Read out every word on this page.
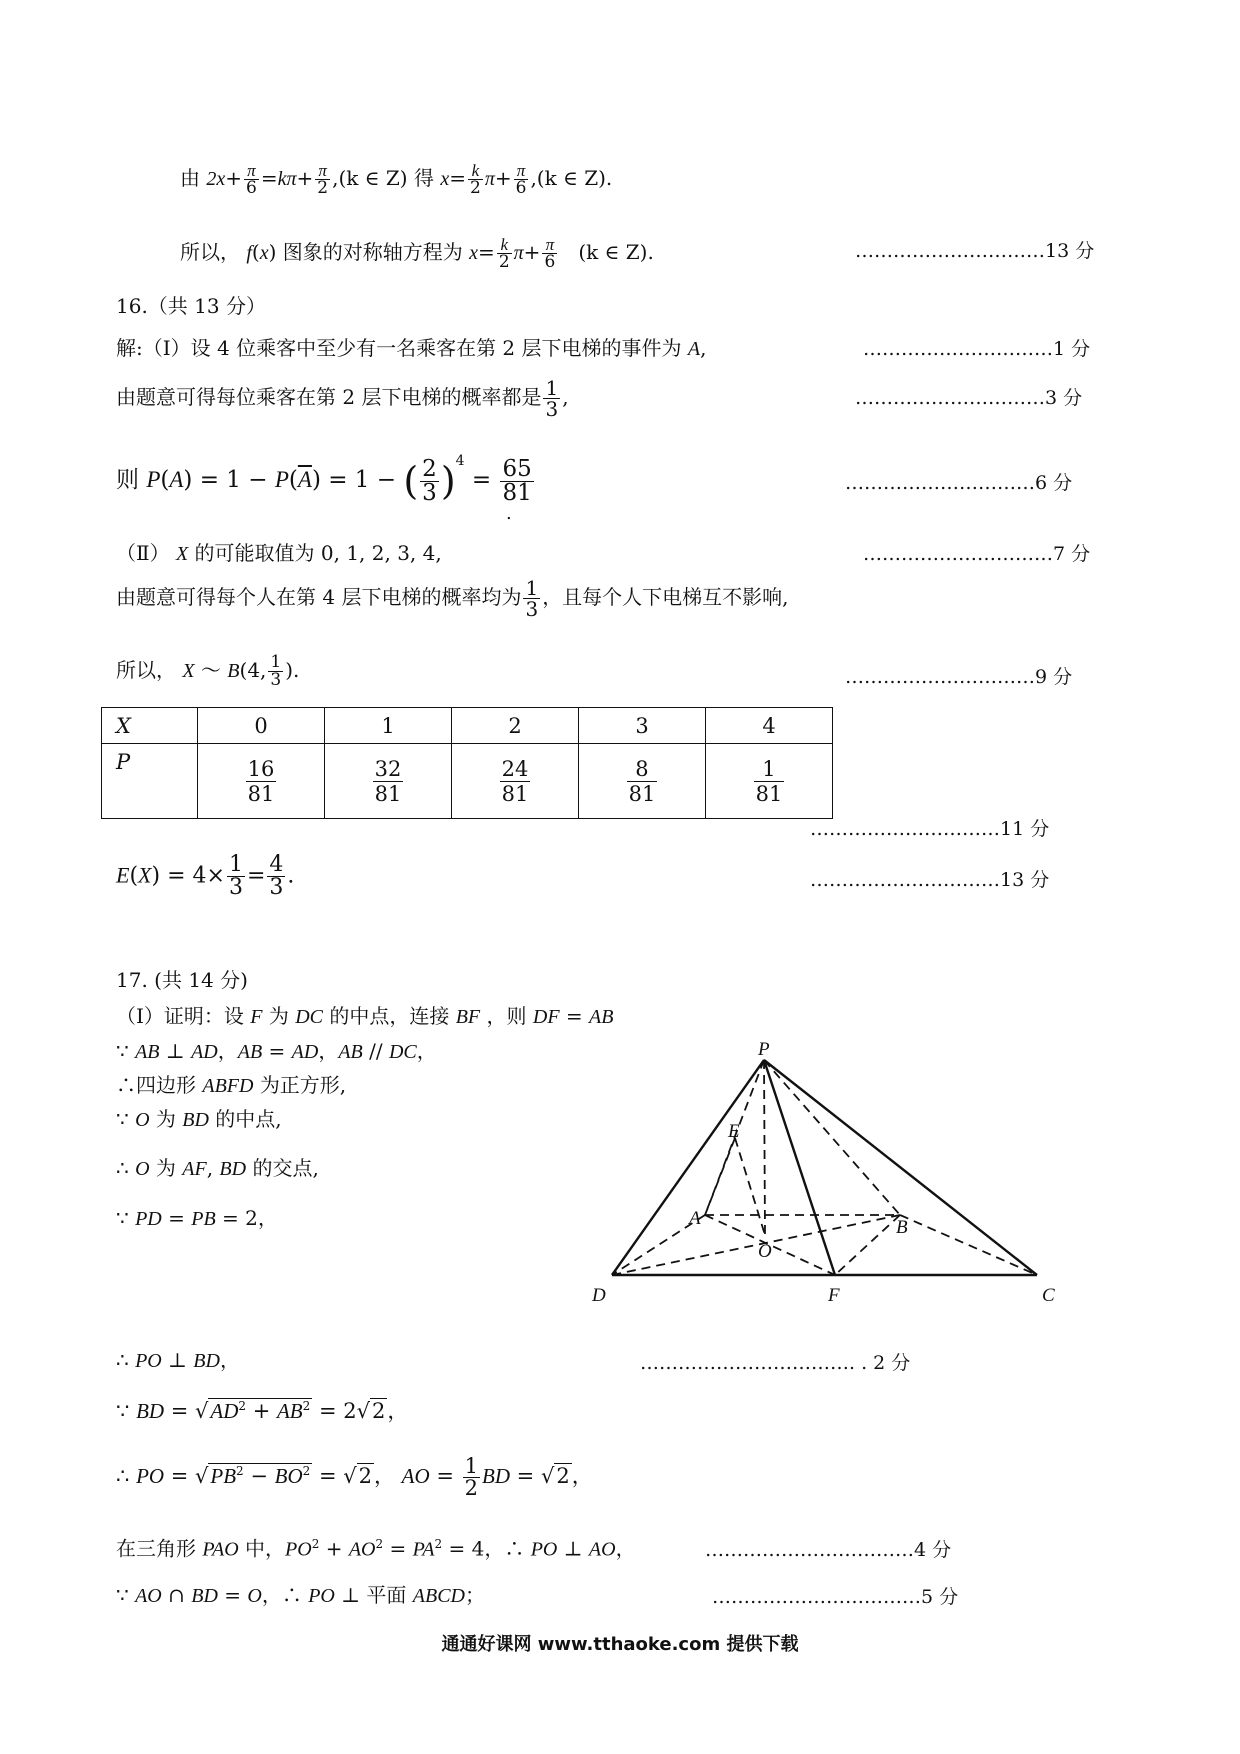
由 $2x+ \frac{\pi}{6} =k\pi+ \frac{\pi}{2} ,(k$ ∈ Z) 得 $x= \frac{k}{2} \pi+ \frac{\pi}{6} ,(k$ ∈ Z).
所以， f(x) 图象的对称轴方程为 $x= \frac{k}{2} \pi+ \frac{\pi}{6} (k$ ∈ Z).	…………………………13 分
16.（共 13 分）
解:（Ⅰ）设 4 位乘客中至少有一名乘客在第 2 层下电梯的事件为 A,	…………………………1 分
由题意可得每位乘客在第 2 层下电梯的概率都是 $\frac{1}{3}$ ,	…………………………3 分
则 $P(A) = 1 - P(\overline{A}) = 1$ − ( $\frac{2}{3} )^4 = \frac{65}{81}$	…………………………6 分
.
（Ⅱ） X 的可能取值为 0, 1, 2, 3, 4,	…………………………7 分
由题意可得每个人在第 4 层下电梯的概率均为 $\frac{1}{3}$ ，且每个人下电梯互不影响,
所以， X ～ B(4, $\frac{1}{3}$ ).	…………………………9 分
X	0	1	2	3	4
P	$\frac{16}{81}$	$\frac{32}{81}$	$\frac{24}{81}$	$\frac{8}{81}$	$\frac{1}{81}$
…………………………11 分
$E(X) = 4\times \frac{1}{3} = \frac{4}{3}$ .	…………………………13 分
17. (共 14 分)
（Ⅰ）证明：设 F 为 DC 的中点，连接 BF ，则 DF = AB
∵ AB ⊥ AD，AB = AD，AB // DC，
∴四边形 ABFD 为正方形,
∵ O 为 BD 的中点,
∴ O 为 AF, BD 的交点,
∵ PD = PB = 2，
P
E
A	B
O
D	F	C
∴ PO ⊥ BD，	……………………………. . 2 分
∵ BD = $√AD^2 + AB^2 = 2√2$，
∴ PO = $√PB^2 - BO^2 = √2$， AO = $\frac{1}{2}$ BD = √2，
在三角形 PAO 中，$PO^2 + AO^2 = PA^2 = 4$，∴ PO ⊥ AO，	……………………………4 分
∵ AO ∩ BD = O，∴ PO ⊥ 平面 ABCD；	……………………………5 分
通通好课网 www.tthaoke.com 提供下载
